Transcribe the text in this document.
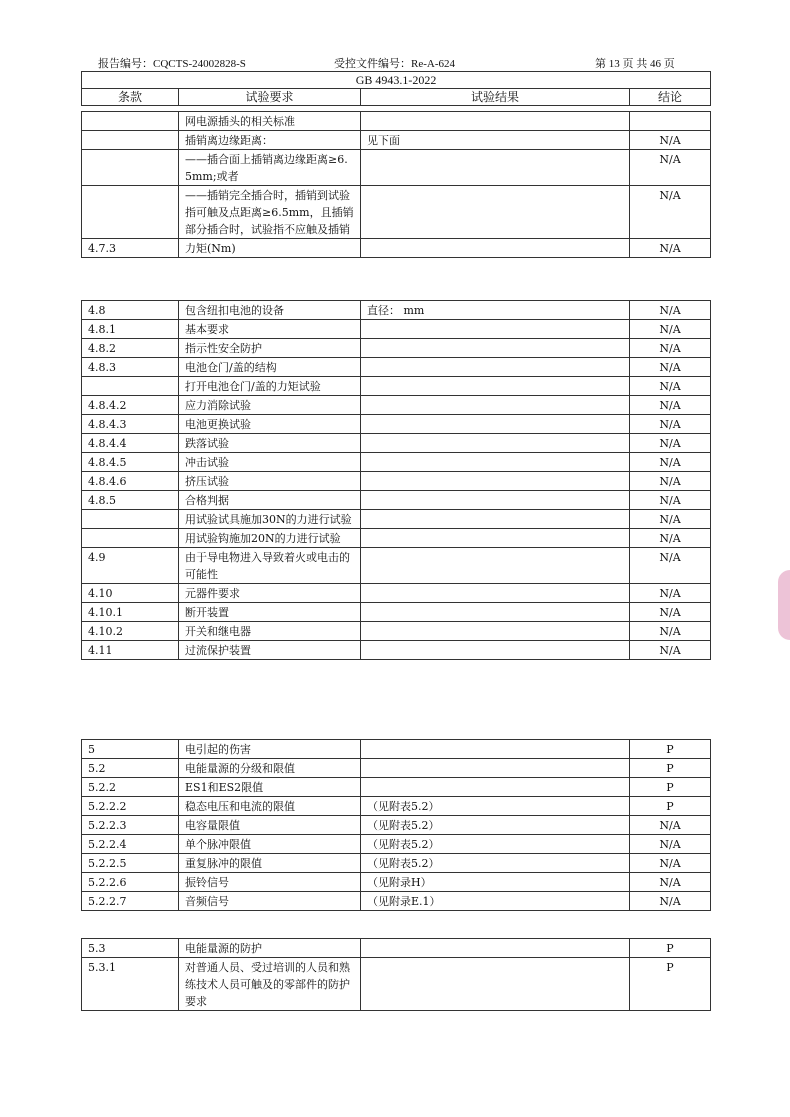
报告编号：CQCTS-24002828-S	受控文件编号：Re-A-624	第 13 页 共 46 页
GB 4943.1-2022
条款	试验要求	试验结果	结论
	网电源插头的相关标准		
	插销离边缘距离：	见下面	N/A
	——插合面上插销离边缘距离≥6.5mm;或者		N/A
	——插销完全插合时，插销到试验指可触及点距离≥6.5mm，且插销部分插合时，试验指不应触及插销		N/A
4.7.3	力矩(Nm)		N/A
4.8	包含纽扣电池的设备	直径： mm	N/A
4.8.1	基本要求		N/A
4.8.2	指示性安全防护		N/A
4.8.3	电池仓门/盖的结构		N/A
	打开电池仓门/盖的力矩试验		N/A
4.8.4.2	应力消除试验		N/A
4.8.4.3	电池更换试验		N/A
4.8.4.4	跌落试验		N/A
4.8.4.5	冲击试验		N/A
4.8.4.6	挤压试验		N/A
4.8.5	合格判据		N/A
	用试验试具施加30N的力进行试验		N/A
	用试验钩施加20N的力进行试验		N/A
4.9	由于导电物进入导致着火或电击的可能性		N/A
4.10	元器件要求		N/A
4.10.1	断开装置		N/A
4.10.2	开关和继电器		N/A
4.11	过流保护装置		N/A
5	电引起的伤害		P
5.2	电能量源的分级和限值		P
5.2.2	ES1和ES2限值		P
5.2.2.2	稳态电压和电流的限值	（见附表5.2）	P
5.2.2.3	电容量限值	（见附表5.2）	N/A
5.2.2.4	单个脉冲限值	（见附表5.2）	N/A
5.2.2.5	重复脉冲的限值	（见附表5.2）	N/A
5.2.2.6	振铃信号	（见附录H）	N/A
5.2.2.7	音频信号	（见附录E.1）	N/A
5.3	电能量源的防护		P
5.3.1	对普通人员、受过培训的人员和熟练技术人员可触及的零部件的防护要求		P
